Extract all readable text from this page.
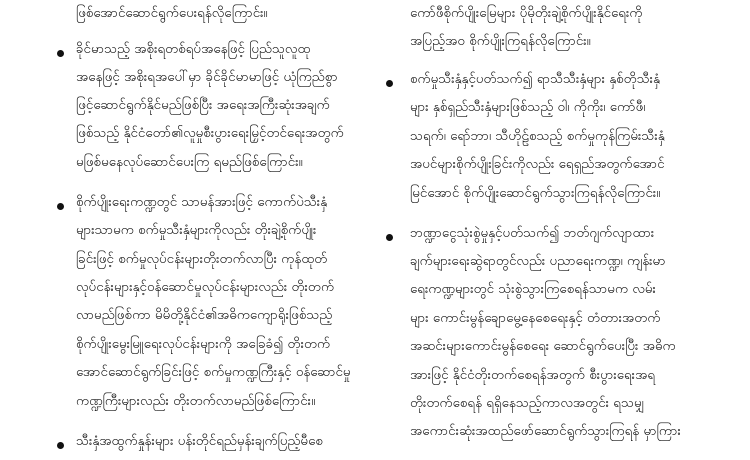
ဖြစ်အောင်ဆောင်ရွက်ပေးရန်လိုကြောင်း။
ခိုင်မာသည့် အစိုးရတစ်ရပ်အနေဖြင့် ပြည်သူလူထု
အနေဖြင့် အစိုးရအပေါ်မှာ ခိုင်ခိုင်မာမာဖြင့် ယုံကြည်စွာ
ဖြင့်ဆောင်ရွက်နိုင်မည်ဖြစ်ပြီး အရေးအကြီးဆုံးအချက်
ဖြစ်သည့် နိုင်ငံတော်၏လူမှုစီးပွားရေးမြှင့်တင်ရေးအတွက်
မဖြစ်မနေလုပ်ဆောင်ပေးကြ ရမည်ဖြစ်ကြောင်း။
စိုက်ပျိုးရေးကဏ္ဍတွင် သာမန်အားဖြင့် ကောက်ပဲသီးနှံ
များသာမက စက်မှုသီးနှံများကိုလည်း တိုးချဲ့စိုက်ပျိုး
ခြင်းဖြင့် စက်မှုလုပ်ငန်းများတိုးတက်လာပြီး ကုန်ထုတ်
လုပ်ငန်းများနှင့်ဝန်ဆောင်မှုလုပ်ငန်းများလည်း တိုးတက်
လာမည်ဖြစ်ကာ မိမိတို့နိုင်ငံ၏အဓိကကျောရိုးဖြစ်သည့်
စိုက်ပျိုးမွေးမြူရေးလုပ်ငန်းများကို အခြေခံ၍ တိုးတက်
အောင်ဆောင်ရွက်ခြင်းဖြင့် စက်မှုကဏ္ဍကြီးနှင့် ဝန်ဆောင်မှု
ကဏ္ဍကြီးများလည်း တိုးတက်လာမည်ဖြစ်ကြောင်း။
သီးနှံအထွက်နှုန်းများ ပန်းတိုင်ရည်မှန်းချက်ပြည့်မီစေ
ကော်ဖီစိုက်ပျိုးမြေများ ပိုမိုတိုးချဲ့စိုက်ပျိုးနိုင်ရေးကို
အပြည့်အဝ စိုက်ပျိုးကြရန်လိုကြောင်း။
စက်မှုသီးနှံနှင့်ပတ်သက်၍ ရာသီသီးနှံများ နှစ်တိုသီးနှံ
များ နှစ်ရှည်သီးနှံများဖြစ်သည့် ဝါ၊ ကိုကိုး၊ ကော်ဖီ၊
သရက်၊ ရော်ဘာ၊ သီဟိုဠ်စသည့် စက်မှုကုန်ကြမ်းသီးနှံ
အပင်များစိုက်ပျိုးခြင်းကိုလည်း ရေရှည်အတွက်အောင်
မြင်အောင် စိုက်ပျိုးဆောင်ရွက်သွားကြရန်လိုကြောင်း။
ဘဏ္ဍာငွေသုံးစွဲမှုနှင့်ပတ်သက်၍ ဘတ်ဂျက်လျာထား
ချက်များရေးဆွဲရာတွင်လည်း ပညာရေးကဏ္ဍ၊ ကျန်းမာ
ရေးကဏ္ဍများတွင် သုံးစွဲသွားကြစေရန်သာမက လမ်း
များ ကောင်းမွန်ချောမွေ့နေစေရေးနှင့် တံတားအတက်
အဆင်းများကောင်းမွန်စေရေး ဆောင်ရွက်ပေးပြီး အဓိက
အားဖြင့် နိုင်ငံတိုးတက်စေရန်အတွက် စီးပွားရေးအရ
တိုးတက်စေရန် ရရှိနေသည့်ကာလအတွင်း ရသမျှ
အကောင်းဆုံးအထည်ဖော်ဆောင်ရွက်သွားကြရန် မှာကြား
